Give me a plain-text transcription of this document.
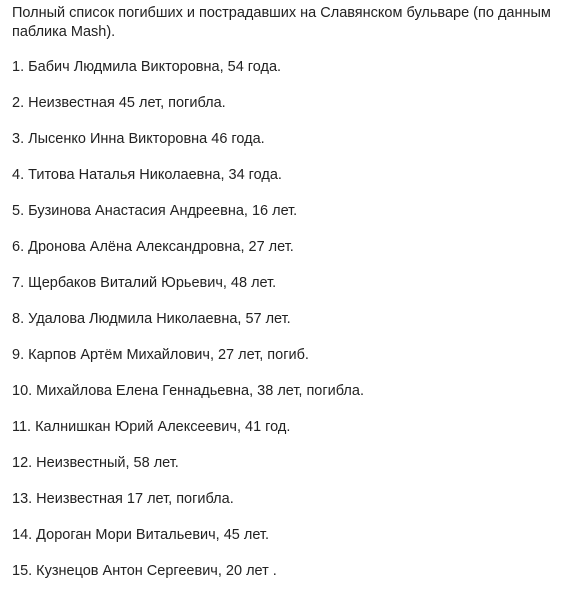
Полный список погибших и пострадавших на Славянском бульваре (по данным паблика Mash).

1. Бабич Людмила Викторовна, 54 года.
2. Неизвестная 45 лет, погибла.
3. Лысенко Инна Викторовна 46 года.
4. Титова Наталья Николаевна, 34 года.
5. Бузинова Анастасия Андреевна, 16 лет.
6. Дронова Алёна Александровна, 27 лет.
7. Щербаков Виталий Юрьевич, 48 лет.
8. Удалова Людмила Николаевна, 57 лет.
9. Карпов Артём Михайлович, 27 лет, погиб.
10. Михайлова Елена Геннадьевна, 38 лет, погибла.
11. Калнишкан Юрий Алексеевич, 41 год.
12. Неизвестный, 58 лет.
13. Неизвестная 17 лет, погибла.
14. Дороган Мори Витальевич, 45 лет.
15. Кузнецов Антон Сергеевич, 20 лет .
